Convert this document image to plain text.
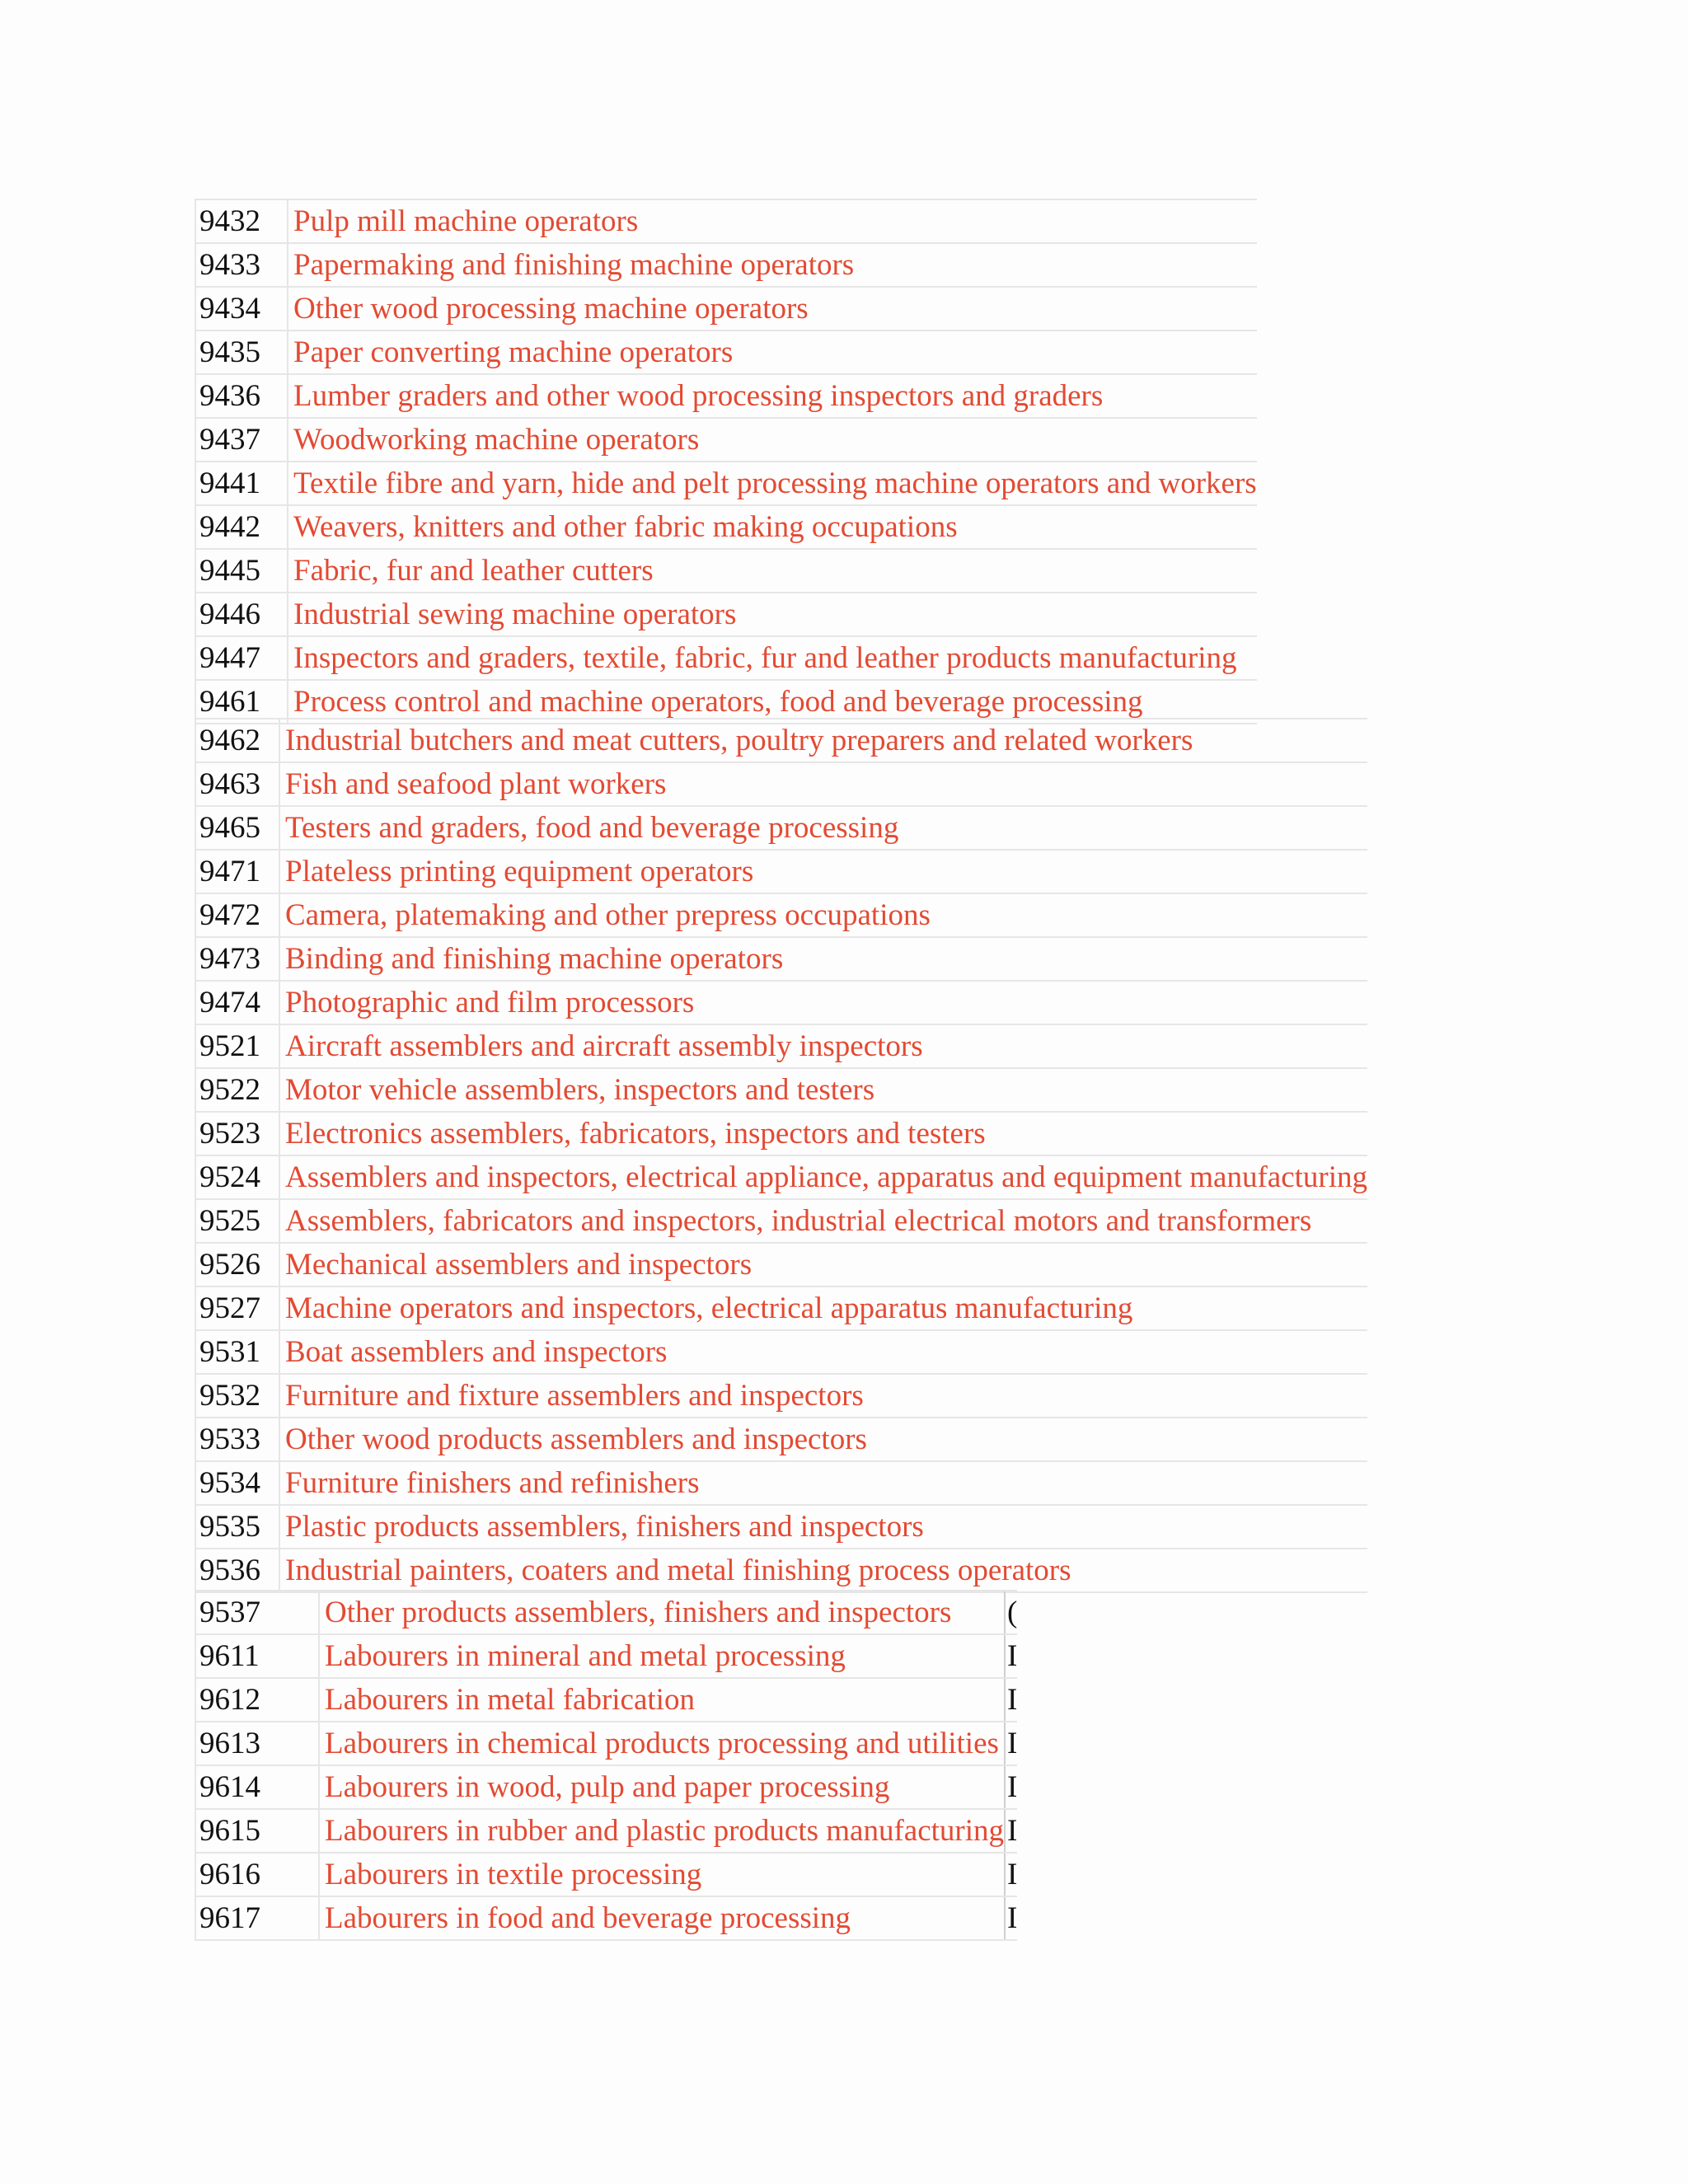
9432	Pulp mill machine operators
9433	Papermaking and finishing machine operators
9434	Other wood processing machine operators
9435	Paper converting machine operators
9436	Lumber graders and other wood processing inspectors and graders
9437	Woodworking machine operators
9441	Textile fibre and yarn, hide and pelt processing machine operators and workers
9442	Weavers, knitters and other fabric making occupations
9445	Fabric, fur and leather cutters
9446	Industrial sewing machine operators
9447	Inspectors and graders, textile, fabric, fur and leather products manufacturing
9461	Process control and machine operators, food and beverage processing
9462	Industrial butchers and meat cutters, poultry preparers and related workers
9463	Fish and seafood plant workers
9465	Testers and graders, food and beverage processing
9471	Plateless printing equipment operators
9472	Camera, platemaking and other prepress occupations
9473	Binding and finishing machine operators
9474	Photographic and film processors
9521	Aircraft assemblers and aircraft assembly inspectors
9522	Motor vehicle assemblers, inspectors and testers
9523	Electronics assemblers, fabricators, inspectors and testers
9524	Assemblers and inspectors, electrical appliance, apparatus and equipment manufacturing
9525	Assemblers, fabricators and inspectors, industrial electrical motors and transformers
9526	Mechanical assemblers and inspectors
9527	Machine operators and inspectors, electrical apparatus manufacturing
9531	Boat assemblers and inspectors
9532	Furniture and fixture assemblers and inspectors
9533	Other wood products assemblers and inspectors
9534	Furniture finishers and refinishers
9535	Plastic products assemblers, finishers and inspectors
9536	Industrial painters, coaters and metal finishing process operators
9537	Other products assemblers, finishers and inspectors	(
9611	Labourers in mineral and metal processing	I
9612	Labourers in metal fabrication	I
9613	Labourers in chemical products processing and utilities	I
9614	Labourers in wood, pulp and paper processing	I
9615	Labourers in rubber and plastic products manufacturing	I
9616	Labourers in textile processing	I
9617	Labourers in food and beverage processing	I
